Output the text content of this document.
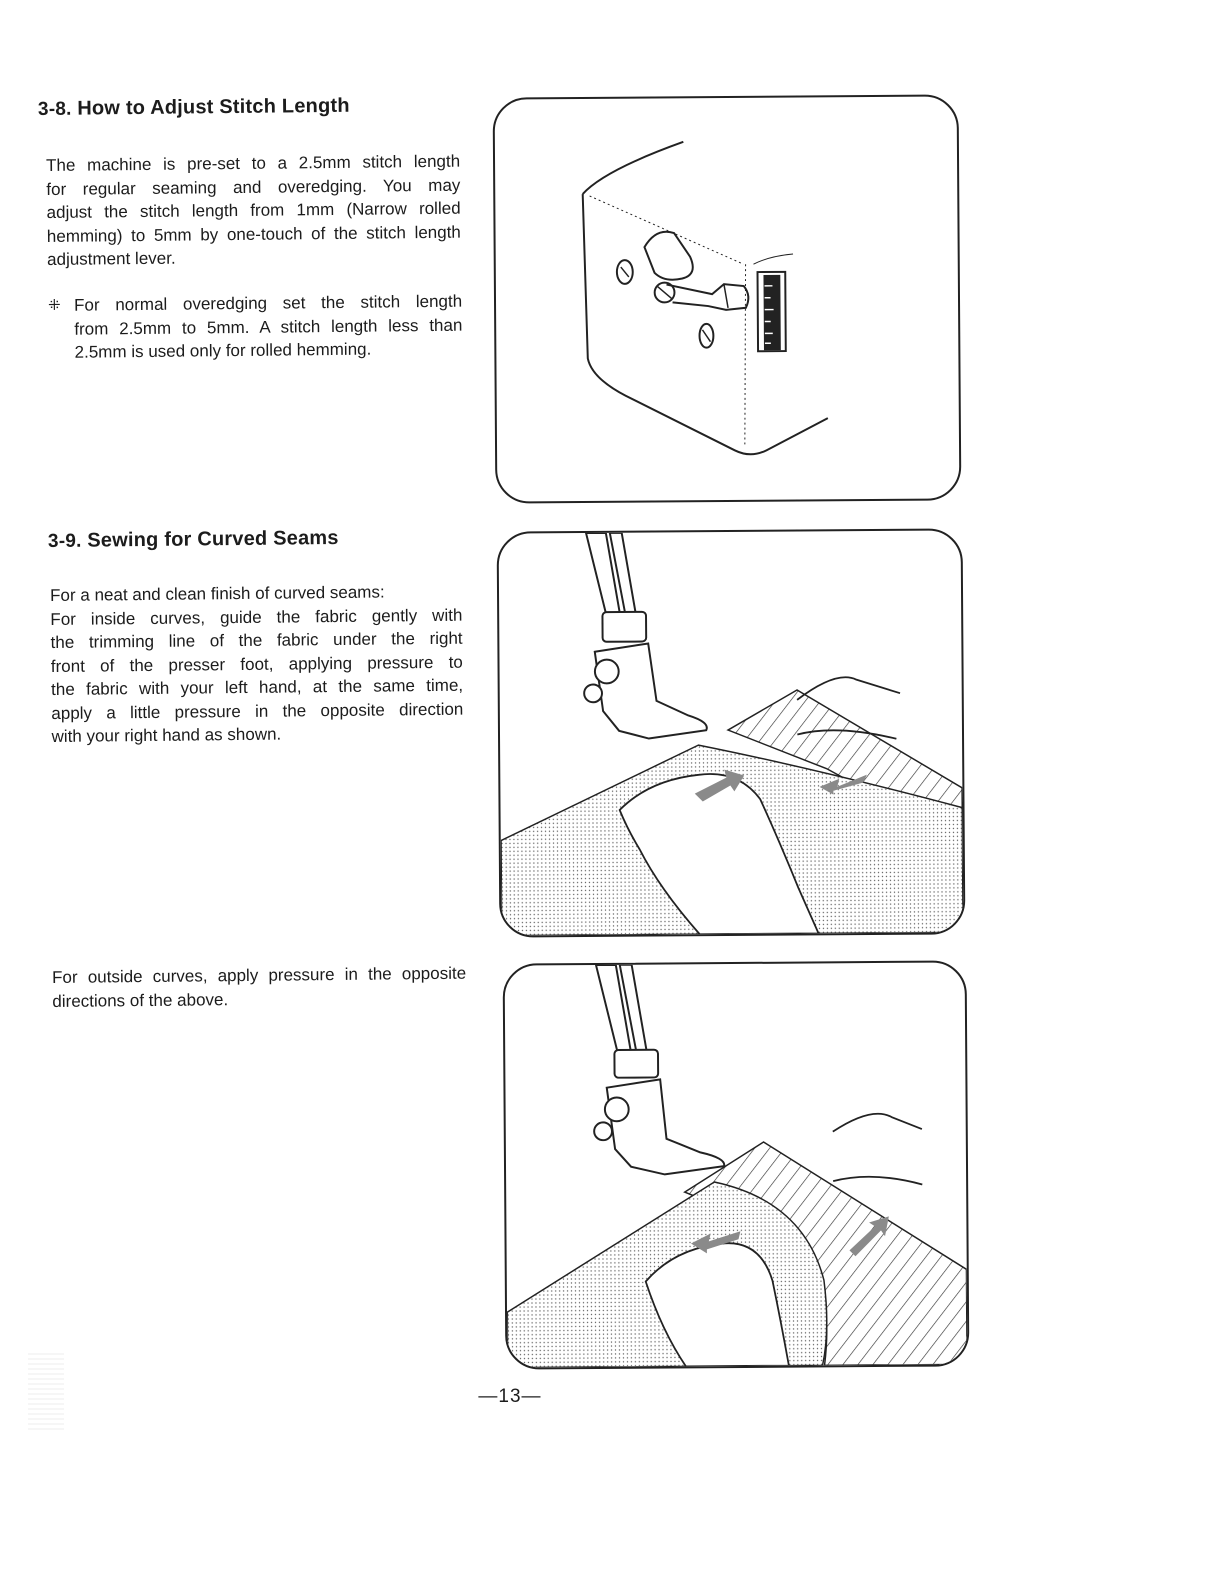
3-8. How to Adjust Stitch Length
The machine is pre-set to a 2.5mm stitch length
for regular seaming and overedging. You may
adjust the stitch length from 1mm (Narrow rolled
hemming) to 5mm by one-touch of the stitch length
adjustment lever.
⁜ For normal overedging set the stitch length
from 2.5mm to 5mm. A stitch length less than
2.5mm is used only for rolled hemming.
3-9. Sewing for Curved Seams
For a neat and clean finish of curved seams:
For inside curves, guide the fabric gently with
the trimming line of the fabric under the right
front of the presser foot, applying pressure to
the fabric with your left hand, at the same time,
apply a little pressure in the opposite direction
with your right hand as shown.
For outside curves, apply pressure in the opposite
directions of the above.
—13—
